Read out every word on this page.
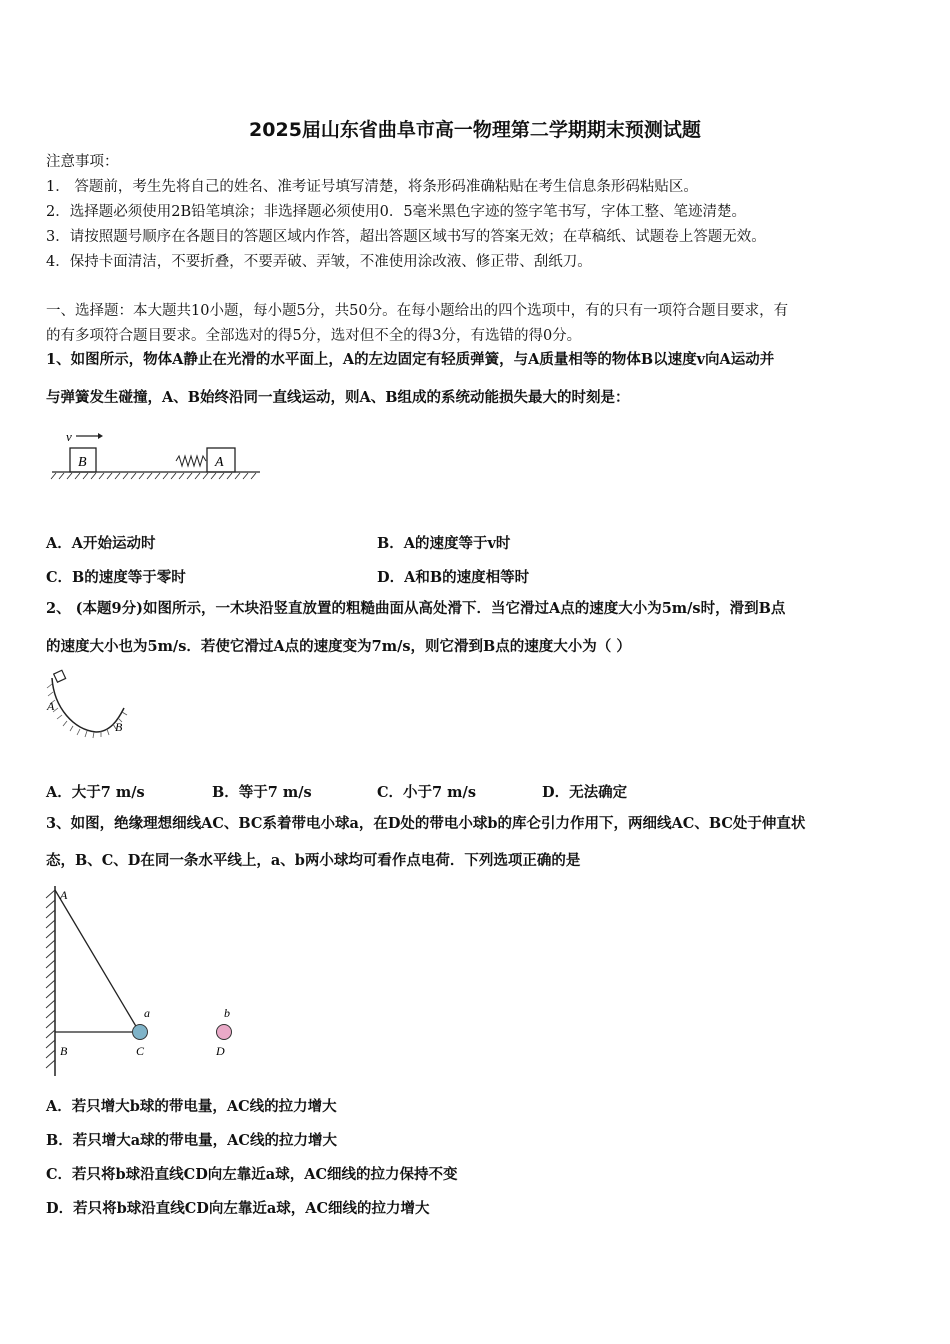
2025届山东省曲阜市高一物理第二学期期末预测试题
注意事项：
1． 答题前，考生先将自己的姓名、准考证号填写清楚，将条形码准确粘贴在考生信息条形码粘贴区。
2．选择题必须使用2B铅笔填涂；非选择题必须使用0．5毫米黑色字迹的签字笔书写，字体工整、笔迹清楚。
3．请按照题号顺序在各题目的答题区域内作答，超出答题区域书写的答案无效；在草稿纸、试题卷上答题无效。
4．保持卡面清洁，不要折叠，不要弄破、弄皱，不准使用涂改液、修正带、刮纸刀。
一、选择题：本大题共10小题，每小题5分，共50分。在每小题给出的四个选项中，有的只有一项符合题目要求，有
的有多项符合题目要求。全部选对的得5分，选对但不全的得3分，有选错的得0分。
1、如图所示，物体A静止在光滑的水平面上，A的左边固定有轻质弹簧，与A质量相等的物体B以速度v向A运动并
与弹簧发生碰撞，A、B始终沿同一直线运动，则A、B组成的系统动能损失最大的时刻是：
v
B	A
A．A开始运动时	B．A的速度等于v时
C．B的速度等于零时	D．A和B的速度相等时
2、 (本题9分)如图所示，一木块沿竖直放置的粗糙曲面从高处滑下．当它滑过A点的速度大小为5m/s时，滑到B点
的速度大小也为5m/s．若使它滑过A点的速度变为7m/s，则它滑到B点的速度大小为（ ）
A
B
A．大于7 m/s	B．等于7 m/s	C．小于7 m/s	D．无法确定
3、如图，绝缘理想细线AC、BC系着带电小球a，在D处的带电小球b的库仑引力作用下，两细线AC、BC处于伸直状
态，B、C、D在同一条水平线上，a、b两小球均可看作点电荷．下列选项正确的是
A
B	C	D
a	b
A．若只增大b球的带电量，AC线的拉力增大
B．若只增大a球的带电量，AC线的拉力增大
C．若只将b球沿直线CD向左靠近a球，AC细线的拉力保持不变
D．若只将b球沿直线CD向左靠近a球，AC细线的拉力增大
